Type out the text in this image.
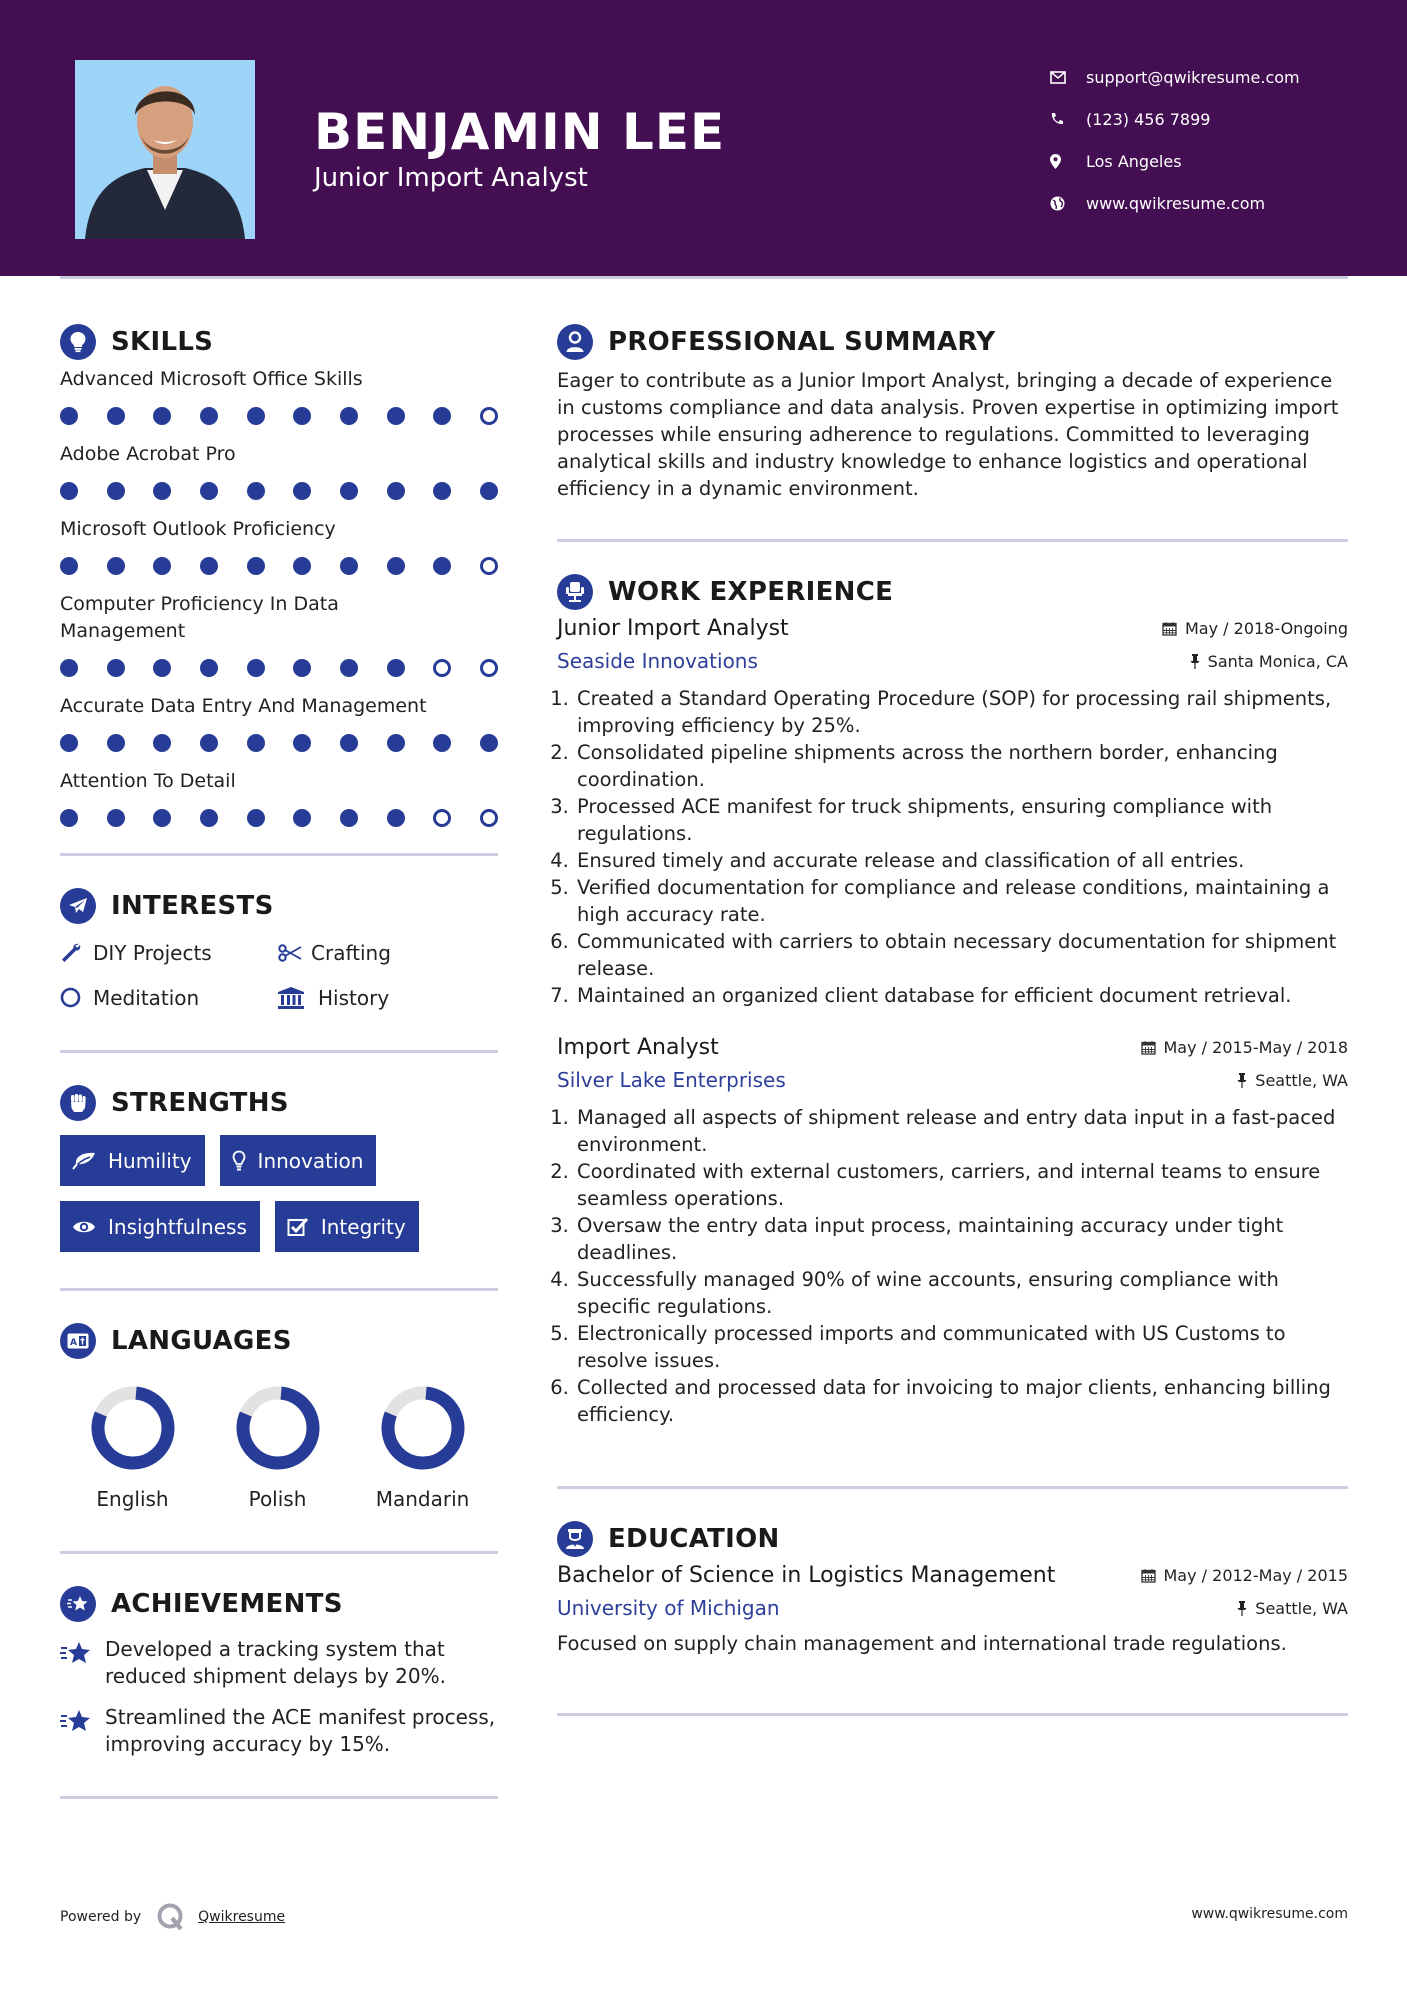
BENJAMIN LEE
Junior Import Analyst
support@qwikresume.com
(123) 456 7899
Los Angeles
www.qwikresume.com
SKILLS
Advanced Microsoft Office Skills
Adobe Acrobat Pro
Microsoft Outlook Proficiency
Computer Proficiency In Data Management
Accurate Data Entry And Management
Attention To Detail
INTERESTS
DIY Projects	Crafting
Meditation	History
STRENGTHS
Humility	Innovation
Insightfulness	Integrity
A LANGUAGES
English	Polish	Mandarin
ACHIEVEMENTS
Developed a tracking system that reduced shipment delays by 20%.
Streamlined the ACE manifest process, improving accuracy by 15%.
PROFESSIONAL SUMMARY

Eager to contribute as a Junior Import Analyst, bringing a decade of experience in customs compliance and data analysis. Proven expertise in optimizing import processes while ensuring adherence to regulations. Committed to leveraging analytical skills and industry knowledge to enhance logistics and operational efficiency in a dynamic environment.

WORK EXPERIENCE
Junior Import Analyst	May / 2018-Ongoing
Seaside Innovations	Santa Monica, CA
1. Created a Standard Operating Procedure (SOP) for processing rail shipments, improving efficiency by 25%.
2. Consolidated pipeline shipments across the northern border, enhancing coordination.
3. Processed ACE manifest for truck shipments, ensuring compliance with regulations.
4. Ensured timely and accurate release and classification of all entries.
5. Verified documentation for compliance and release conditions, maintaining a high accuracy rate.
6. Communicated with carriers to obtain necessary documentation for shipment release.
7. Maintained an organized client database for efficient document retrieval.
Import Analyst	May / 2015-May / 2018
Silver Lake Enterprises	Seattle, WA
1. Managed all aspects of shipment release and entry data input in a fast-paced environment.
2. Coordinated with external customers, carriers, and internal teams to ensure seamless operations.
3. Oversaw the entry data input process, maintaining accuracy under tight deadlines.
4. Successfully managed 90% of wine accounts, ensuring compliance with specific regulations.
5. Electronically processed imports and communicated with US Customs to resolve issues.
6. Collected and processed data for invoicing to major clients, enhancing billing efficiency.
EDUCATION
Bachelor of Science in Logistics Management	May / 2012-May / 2015
University of Michigan	Seattle, WA

Focused on supply chain management and international trade regulations.

Powered by	Qwikresume	www.qwikresume.com
